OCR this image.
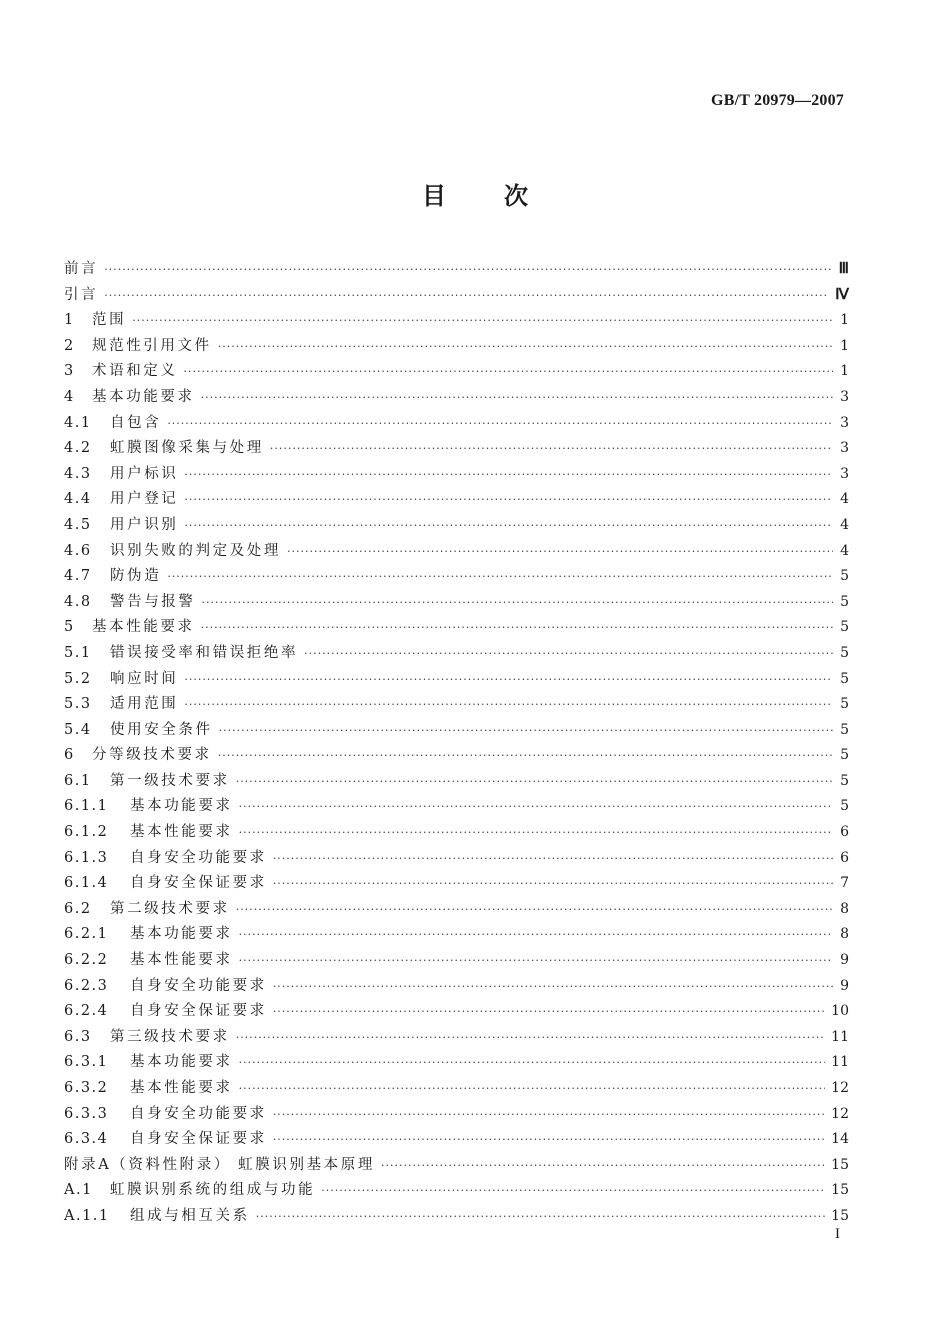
GB/T 20979—2007
目 次
前言 ·····	Ⅲ
引言 ·····	Ⅳ
1	范围 ·····	1
2	规范性引用文件 ·····	1
3	术语和定义 ·····	1
4	基本功能要求 ·····	3
4.1	自包含 ·····	3
4.2	虹膜图像采集与处理 ·····	3
4.3	用户标识 ·····	3
4.4	用户登记 ·····	4
4.5	用户识别 ·····	4
4.6	识别失败的判定及处理 ·····	4
4.7	防伪造 ·····	5
4.8	警告与报警 ·····	5
5	基本性能要求 ·····	5
5.1	错误接受率和错误拒绝率 ·····	5
5.2	响应时间 ·····	5
5.3	适用范围 ·····	5
5.4	使用安全条件 ·····	5
6	分等级技术要求 ·····	5
6.1	第一级技术要求 ·····	5
6.1.1	基本功能要求 ·····	5
6.1.2	基本性能要求 ·····	6
6.1.3	自身安全功能要求 ·····	6
6.1.4	自身安全保证要求 ·····	7
6.2	第二级技术要求 ·····	8
6.2.1	基本功能要求 ·····	8
6.2.2	基本性能要求 ·····	9
6.2.3	自身安全功能要求 ·····	9
6.2.4	自身安全保证要求 ·····	10
6.3	第三级技术要求 ·····	11
6.3.1	基本功能要求 ·····	11
6.3.2	基本性能要求 ·····	12
6.3.3	自身安全功能要求 ·····	12
6.3.4	自身安全保证要求 ·····	14
附录A（资料性附录） 虹膜识别基本原理 ·····	15
A.1	虹膜识别系统的组成与功能 ·····	15
A.1.1	组成与相互关系 ·····	15
I
